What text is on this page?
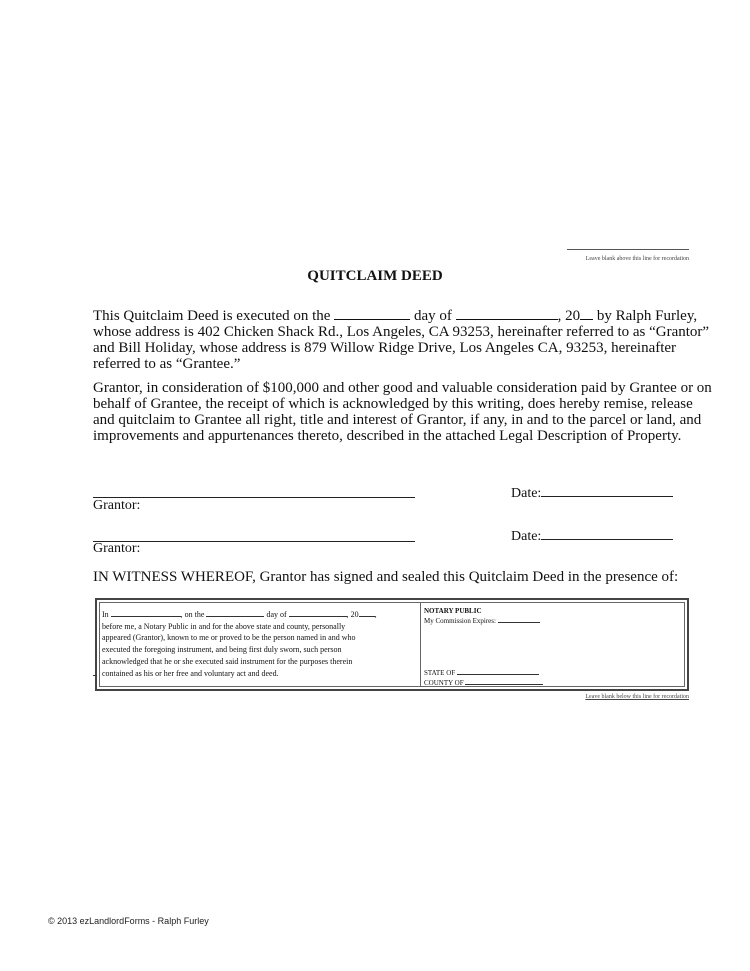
Leave blank above this line for recordation
QUITCLAIM DEED
This Quitclaim Deed is executed on the	day of	, 20 by Ralph Furley,
whose address is 402 Chicken Shack Rd., Los Angeles, CA 93253, hereinafter referred to as “Grantor”
and Bill Holiday, whose address is 879 Willow Ridge Drive, Los Angeles CA, 93253, hereinafter
referred to as “Grantee.”
Grantor, in consideration of $100,000 and other good and valuable consideration paid by Grantee or on
behalf of Grantee, the receipt of which is acknowledged by this writing, does hereby remise, release
and quitclaim to Grantee all right, title and interest of Grantor, if any, in and to the parcel or land, and
improvements and appurtenances thereto, described in the attached Legal Description of Property.
Grantor:
Date:
Grantor:
Date:
IN WITNESS WHEREOF, Grantor has signed and sealed this Quitclaim Deed in the presence of:
In	, on the	day of	, 20 ,
before me, a Notary Public in and for the above state and county, personally
appeared (Grantor), known to me or proved to be the person named in and who
executed the foregoing instrument, and being first duly sworn, such person
acknowledged that he or she executed said instrument for the purposes therein
contained as his or her free and voluntary act and deed.
NOTARY PUBLIC
My Commission Expires:
STATE OF
COUNTY OF
Leave blank below this line for recordation
© 2013 ezLandlordForms - Ralph Furley
